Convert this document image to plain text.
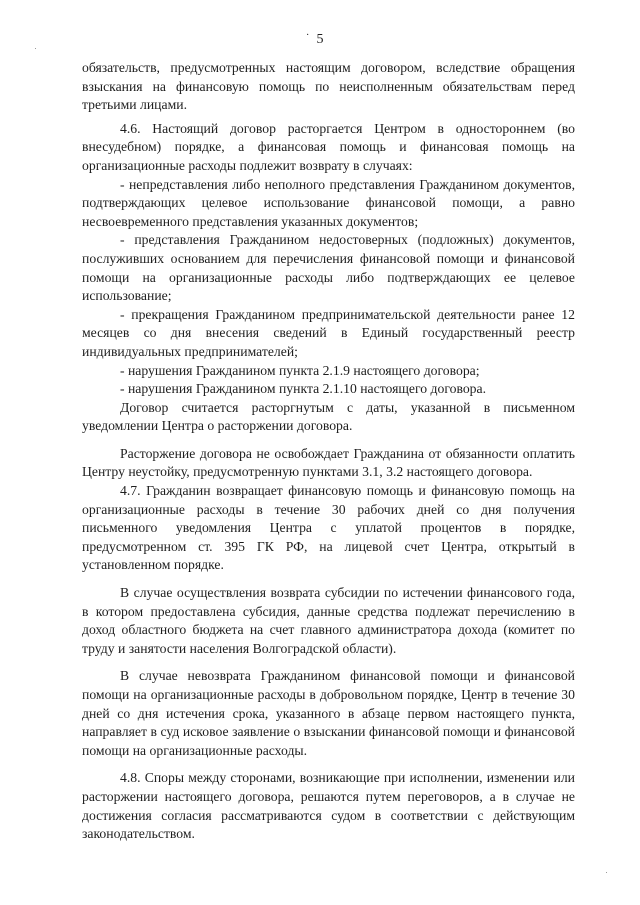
· 5

обязательств, предусмотренных настоящим договором, вследствие обращения взыскания на финансовую помощь по неисполненным обязательствам перед третьими лицами.

4.6. Настоящий договор расторгается Центром в одностороннем (во внесудебном) порядке, а финансовая помощь и финансовая помощь на организационные расходы подлежит возврату в случаях:

- непредставления либо неполного представления Гражданином документов, подтверждающих целевое использование финансовой помощи, а равно несвоевременного представления указанных документов;

- представления Гражданином недостоверных (подложных) документов, послуживших основанием для перечисления финансовой помощи и финансовой помощи на организационные расходы либо подтверждающих ее целевое использование;

- прекращения Гражданином предпринимательской деятельности ранее 12 месяцев со дня внесения сведений в Единый государственный реестр индивидуальных предпринимателей;

- нарушения Гражданином пункта 2.1.9 настоящего договора;

- нарушения Гражданином пункта 2.1.10 настоящего договора.

Договор считается расторгнутым с даты, указанной в письменном уведомлении Центра о расторжении договора.

Расторжение договора не освобождает Гражданина от обязанности оплатить Центру неустойку, предусмотренную пунктами 3.1, 3.2 настоящего договора.

4.7. Гражданин возвращает финансовую помощь и финансовую помощь на организационные расходы в течение 30 рабочих дней со дня получения письменного уведомления Центра с уплатой процентов в порядке, предусмотренном ст. 395 ГК РФ, на лицевой счет Центра, открытый в установленном порядке.

В случае осуществления возврата субсидии по истечении финансового года, в котором предоставлена субсидия, данные средства подлежат перечислению в доход областного бюджета на счет главного администратора дохода (комитет по труду и занятости населения Волгоградской области).

В случае невозврата Гражданином финансовой помощи и финансовой помощи на организационные расходы в добровольном порядке, Центр в течение 30 дней со дня истечения срока, указанного в абзаце первом настоящего пункта, направляет в суд исковое заявление о взыскании финансовой помощи и финансовой помощи на организационные расходы.

4.8. Споры между сторонами, возникающие при исполнении, изменении или расторжении настоящего договора, решаются путем переговоров, а в случае не достижения согласия рассматриваются судом в соответствии с действующим законодательством.
